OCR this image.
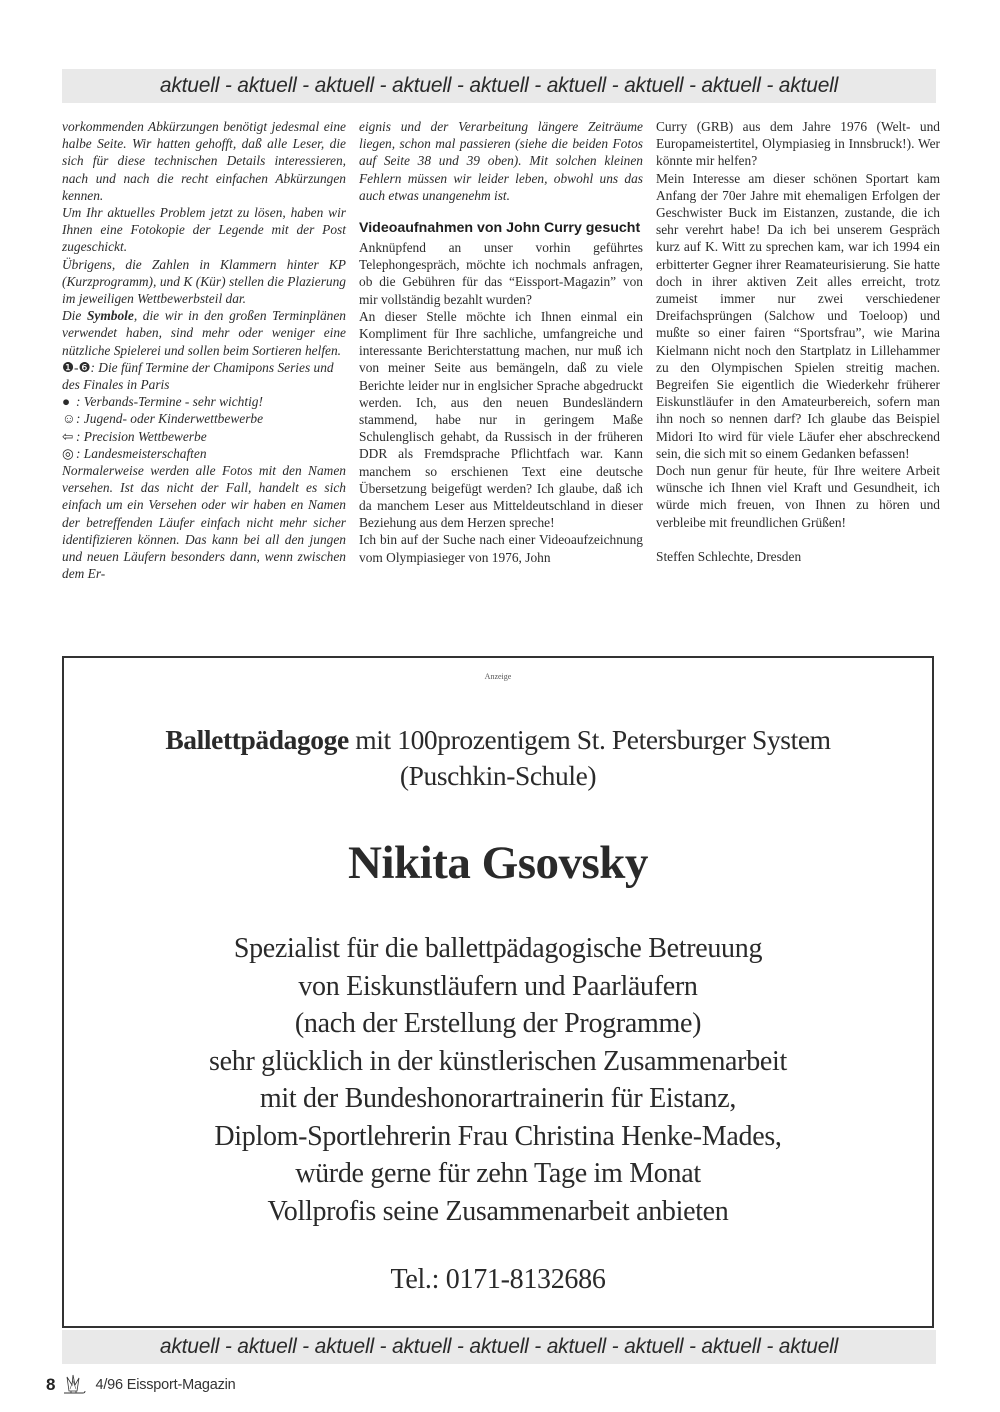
aktuell - aktuell - aktuell - aktuell - aktuell - aktuell - aktuell - aktuell - aktuell

vorkommenden Abkürzungen benötigt jedesmal eine halbe Seite. Wir hatten gehofft, daß alle Leser, die sich für diese technischen Details interessieren, nach und nach die recht einfachen Abkürzungen kennen.

Um Ihr aktuelles Problem jetzt zu lösen, haben wir Ihnen eine Fotokopie der Legende mit der Post zugeschickt.

Übrigens, die Zahlen in Klammern hinter KP (Kurzprogramm), und K (Kür) stellen die Plazierung im jeweiligen Wettbewerbsteil dar.

Die Symbole, die wir in den großen Terminplänen verwendet haben, sind mehr oder weniger eine nützliche Spielerei und sollen beim Sortieren helfen.

❶-❻: Die fünf Termine der Chamipons Series und des Finales in Paris

● : Verbands-Termine - sehr wichtig!

☺: Jugend- oder Kinderwettbewerbe

⇦ : Precision Wettbewerbe

◎ : Landesmeisterschaften

Normalerweise werden alle Fotos mit den Namen versehen. Ist das nicht der Fall, handelt es sich einfach um ein Versehen oder wir haben en Namen der betreffenden Läufer einfach nicht mehr sicher identifizieren können. Das kann bei all den jungen und neuen Läufern besonders dann, wenn zwischen dem Er-

eignis und der Verarbeitung längere Zeiträume liegen, schon mal passieren (siehe die beiden Fotos auf Seite 38 und 39 oben). Mit solchen kleinen Fehlern müssen wir leider leben, obwohl uns das auch etwas unangenehm ist.

Videoaufnahmen von John Curry gesucht

Anknüpfend an unser vorhin geführtes Telephongespräch, möchte ich nochmals anfragen, ob die Gebühren für das “Eissport-Magazin” von mir vollständig bezahlt wurden?

An dieser Stelle möchte ich Ihnen einmal ein Kompliment für Ihre sachliche, umfangreiche und interessante Berichterstattung machen, nur muß ich von meiner Seite aus bemängeln, daß zu viele Berichte leider nur in englsicher Sprache abgedruckt werden. Ich, aus den neuen Bundesländern stammend, habe nur in geringem Maße Schulenglisch gehabt, da Russisch in der früheren DDR als Fremdsprache Pflichtfach war. Kann manchem so erschienen Text eine deutsche Übersetzung beigefügt werden? Ich glaube, daß ich da manchem Leser aus Mitteldeutschland in dieser Beziehung aus dem Herzen spreche!

Ich bin auf der Suche nach einer Videoaufzeichnung vom Olympiasieger von 1976, John

Curry (GRB) aus dem Jahre 1976 (Welt- und Europameistertitel, Olympiasieg in Innsbruck!). Wer könnte mir helfen?

Mein Interesse am dieser schönen Sportart kam Anfang der 70er Jahre mit ehemaligen Erfolgen der Geschwister Buck im Eistanzen, zustande, die ich sehr verehrt habe! Da ich bei unserem Gespräch kurz auf K. Witt zu sprechen kam, war ich 1994 ein erbitterter Gegner ihrer Reamateurisierung. Sie hatte doch in ihrer aktiven Zeit alles erreicht, trotz zumeist immer nur zwei verschiedener Dreifachsprüngen (Salchow und Toeloop) und mußte so einer fairen “Sportsfrau”, wie Marina Kielmann nicht noch den Startplatz in Lillehammer zu den Olympischen Spielen streitig machen. Begreifen Sie eigentlich die Wiederkehr früherer Eiskunstläufer in den Amateurbereich, sofern man ihn noch so nennen darf? Ich glaube das Beispiel Midori Ito wird für viele Läufer eher abschreckend sein, die sich mit so einem Gedanken befassen!

Doch nun genur für heute, für Ihre weitere Arbeit wünsche ich Ihnen viel Kraft und Gesundheit, ich würde mich freuen, von Ihnen zu hören und verbleibe mit freundlichen Grüßen!

Steffen Schlechte, Dresden

Anzeige
Ballettpädagoge mit 100prozentigem St. Petersburger System
(Puschkin-Schule)
Nikita Gsovsky
Spezialist für die ballettpädagogische Betreuung
von Eiskunstläufern und Paarläufern
(nach der Erstellung der Programme)
sehr glücklich in der künstlerischen Zusammenarbeit
mit der Bundeshonorartrainerin für Eistanz,
Diplom-Sportlehrerin Frau Christina Henke-Mades,
würde gerne für zehn Tage im Monat
Vollprofis seine Zusammenarbeit anbieten
Tel.: 0171-8132686
aktuell - aktuell - aktuell - aktuell - aktuell - aktuell - aktuell - aktuell - aktuell
8	4/96 Eissport-Magazin
